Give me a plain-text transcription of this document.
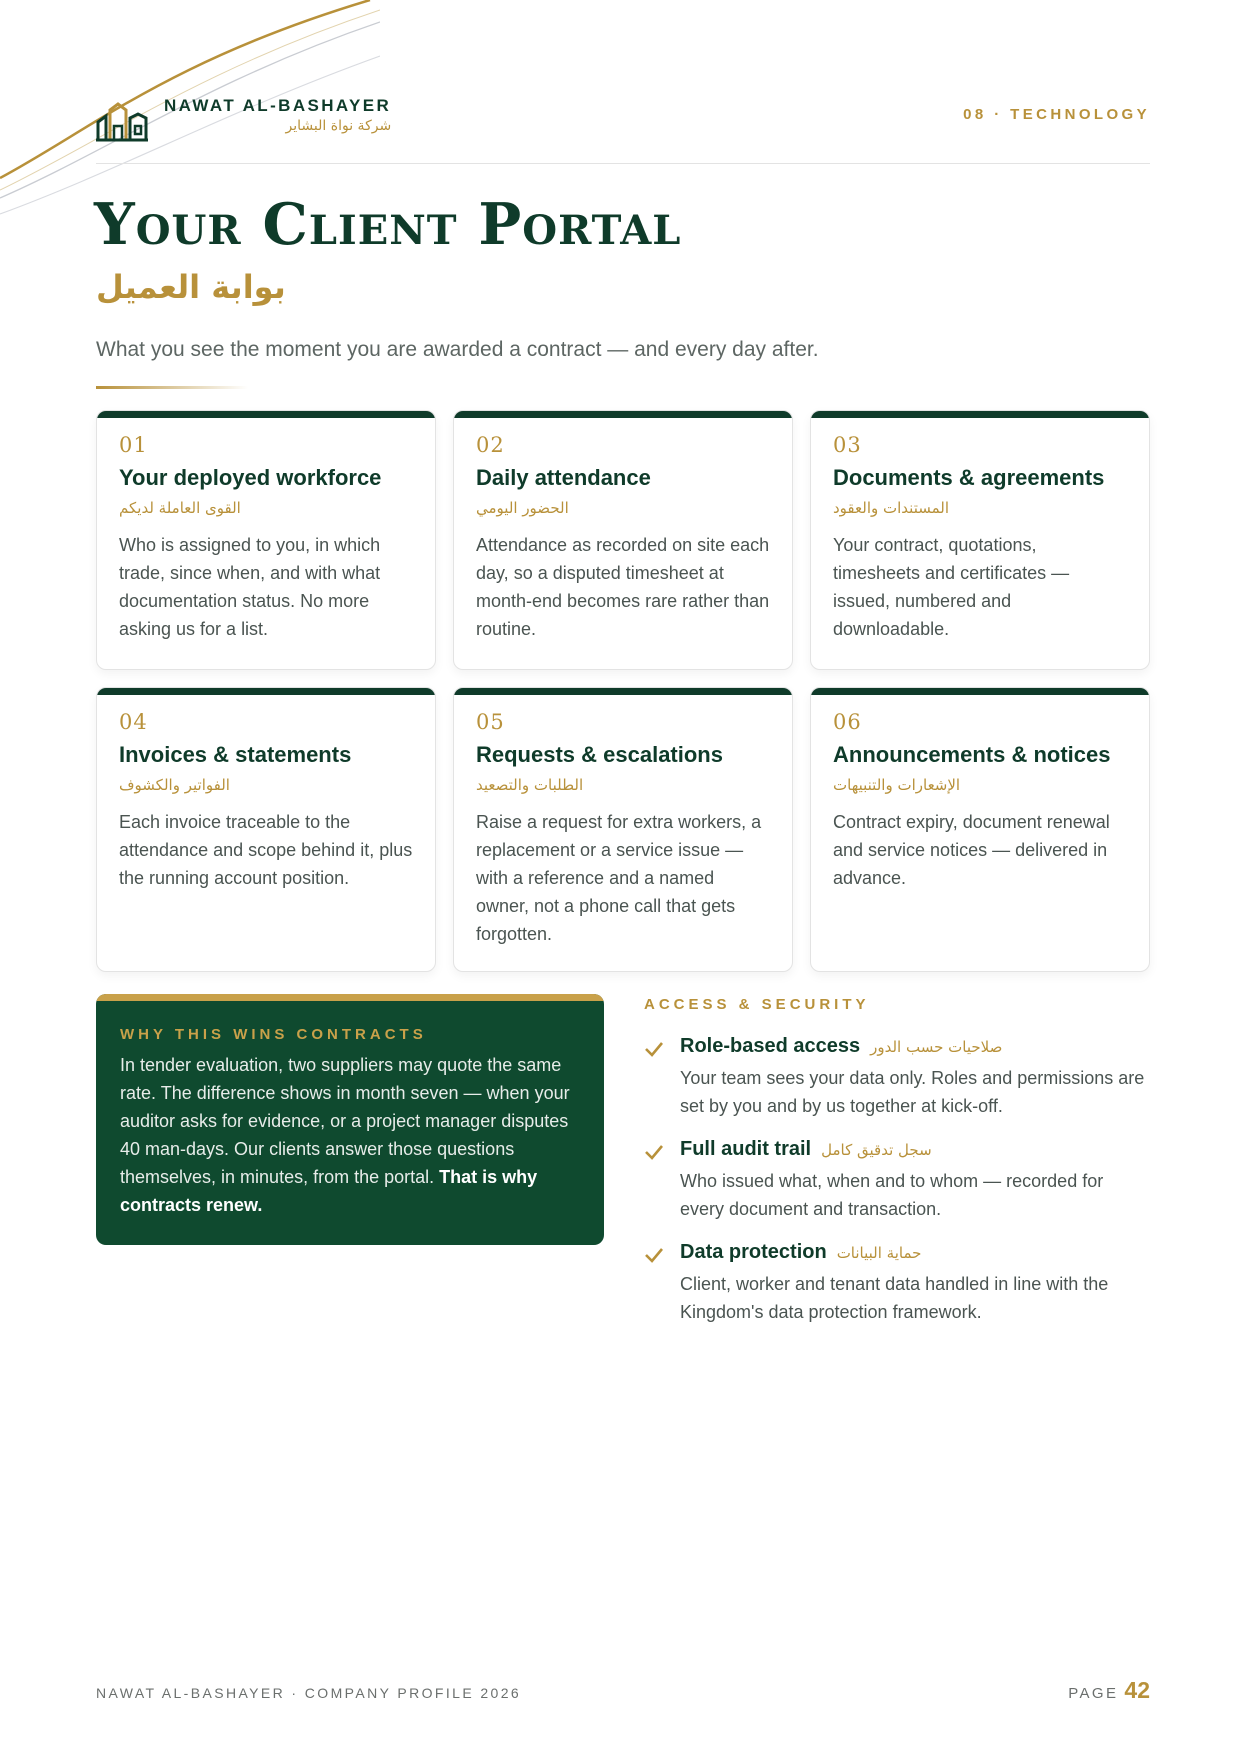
NAWAT AL-BASHAYER
شركة نواة البشاير
08 · TECHNOLOGY
Your Client Portal
بوابة العميل

What you see the moment you are awarded a contract — and every day after.

01
Your deployed workforce
القوى العاملة لديكم

Who is assigned to you, in which trade, since when, and with what documentation status. No more asking us for a list.

02
Daily attendance
الحضور اليومي

Attendance as recorded on site each day, so a disputed timesheet at month-end becomes rare rather than routine.

03
Documents & agreements
المستندات والعقود

Your contract, quotations, timesheets and certificates — issued, numbered and downloadable.

04
Invoices & statements
الفواتير والكشوف

Each invoice traceable to the attendance and scope behind it, plus the running account position.

05
Requests & escalations
الطلبات والتصعيد

Raise a request for extra workers, a replacement or a service issue — with a reference and a named owner, not a phone call that gets forgotten.

06
Announcements & notices
الإشعارات والتنبيهات

Contract expiry, document renewal and service notices — delivered in advance.

WHY THIS WINS CONTRACTS

In tender evaluation, two suppliers may quote the same rate. The difference shows in month seven — when your auditor asks for evidence, or a project manager disputes 40 man-days. Our clients answer those questions themselves, in minutes, from the portal. That is why contracts renew.

ACCESS & SECURITY
Role-based access صلاحيات حسب الدور

Your team sees your data only. Roles and permissions are set by you and by us together at kick-off.

Full audit trail سجل تدقيق كامل

Who issued what, when and to whom — recorded for every document and transaction.

Data protection حماية البيانات

Client, worker and tenant data handled in line with the Kingdom's data protection framework.

NAWAT AL-BASHAYER · COMPANY PROFILE 2026	PAGE 42
